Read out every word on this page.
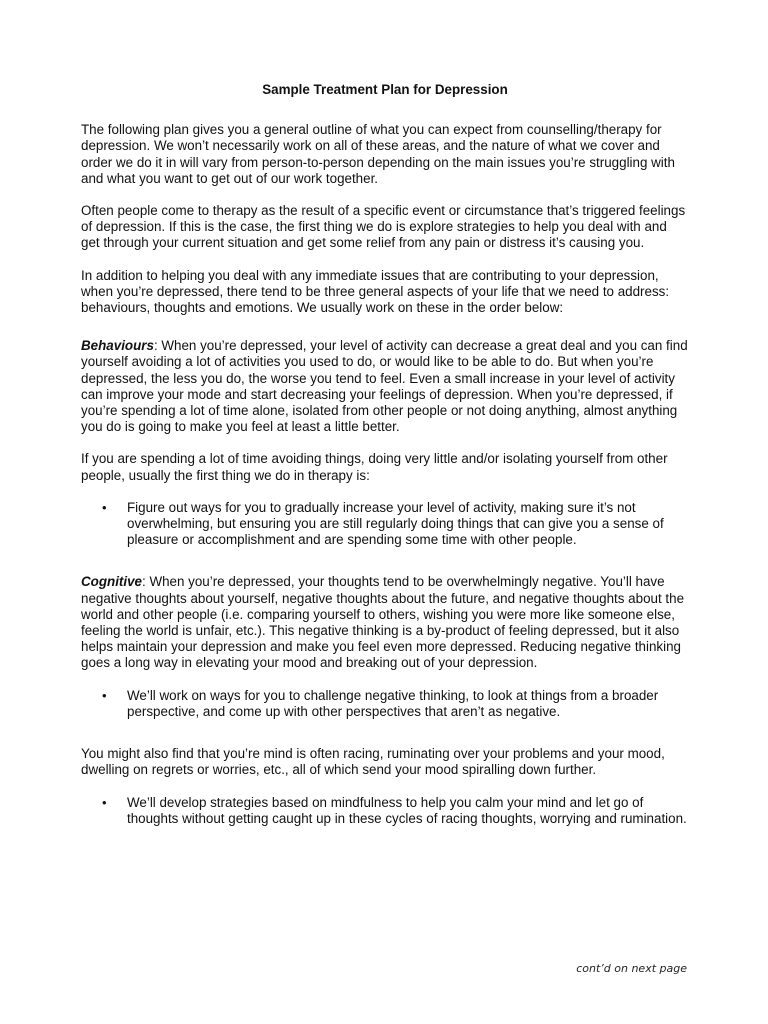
Sample Treatment Plan for Depression

The following plan gives you a general outline of what you can expect from counselling/therapy for depression. We won’t necessarily work on all of these areas, and the nature of what we cover and order we do it in will vary from person-to-person depending on the main issues you’re struggling with and what you want to get out of our work together.

Often people come to therapy as the result of a specific event or circumstance that’s triggered feelings of depression. If this is the case, the first thing we do is explore strategies to help you deal with and get through your current situation and get some relief from any pain or distress it’s causing you.

In addition to helping you deal with any immediate issues that are contributing to your depression, when you’re depressed, there tend to be three general aspects of your life that we need to address: behaviours, thoughts and emotions. We usually work on these in the order below:

Behaviours: When you’re depressed, your level of activity can decrease a great deal and you can find yourself avoiding a lot of activities you used to do, or would like to be able to do. But when you’re depressed, the less you do, the worse you tend to feel. Even a small increase in your level of activity can improve your mode and start decreasing your feelings of depression. When you’re depressed, if you’re spending a lot of time alone, isolated from other people or not doing anything, almost anything you do is going to make you feel at least a little better.

If you are spending a lot of time avoiding things, doing very little and/or isolating yourself from other people, usually the first thing we do in therapy is:

• Figure out ways for you to gradually increase your level of activity, making sure it’s not overwhelming, but ensuring you are still regularly doing things that can give you a sense of pleasure or accomplishment and are spending some time with other people.

Cognitive: When you’re depressed, your thoughts tend to be overwhelmingly negative. You’ll have negative thoughts about yourself, negative thoughts about the future, and negative thoughts about the world and other people (i.e. comparing yourself to others, wishing you were more like someone else, feeling the world is unfair, etc.). This negative thinking is a by-product of feeling depressed, but it also helps maintain your depression and make you feel even more depressed. Reducing negative thinking goes a long way in elevating your mood and breaking out of your depression.

• We’ll work on ways for you to challenge negative thinking, to look at things from a broader perspective, and come up with other perspectives that aren’t as negative.

You might also find that you’re mind is often racing, ruminating over your problems and your mood, dwelling on regrets or worries, etc., all of which send your mood spiralling down further.

• We’ll develop strategies based on mindfulness to help you calm your mind and let go of thoughts without getting caught up in these cycles of racing thoughts, worrying and rumination.
cont’d on next page
